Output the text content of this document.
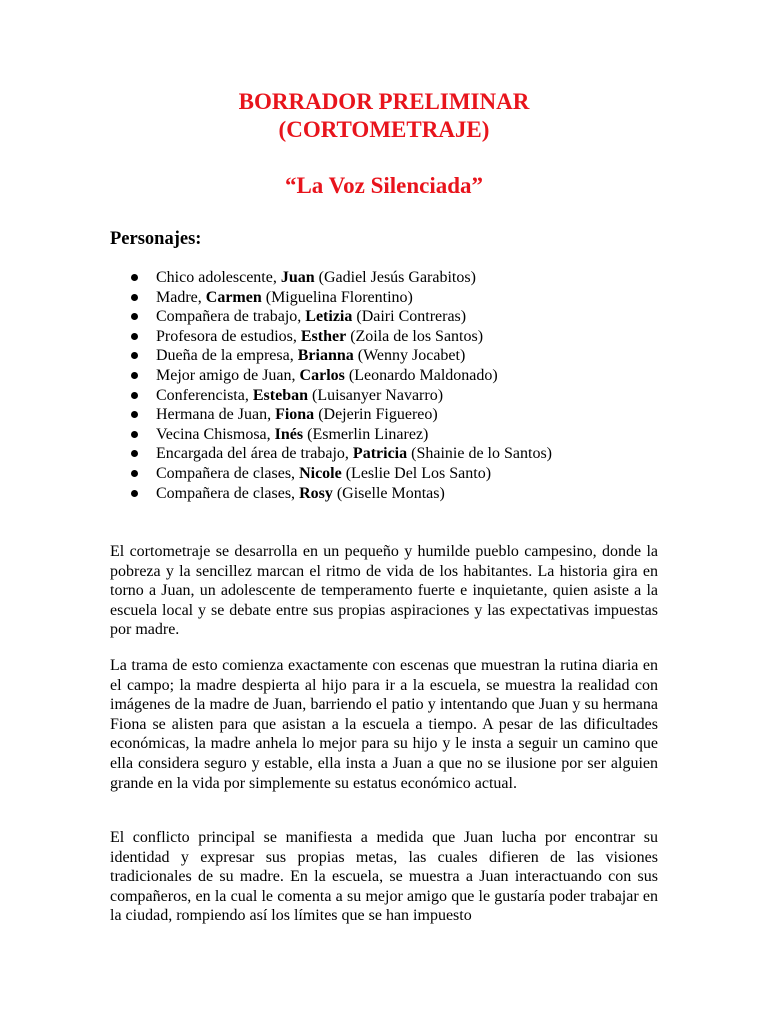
BORRADOR PRELIMINAR
(CORTOMETRAJE)
“La Voz Silenciada”
Personajes:
Chico adolescente, Juan (Gadiel Jesús Garabitos)
Madre, Carmen (Miguelina Florentino)
Compañera de trabajo, Letizia (Dairi Contreras)
Profesora de estudios, Esther (Zoila de los Santos)
Dueña de la empresa, Brianna (Wenny Jocabet)
Mejor amigo de Juan, Carlos (Leonardo Maldonado)
Conferencista, Esteban (Luisanyer Navarro)
Hermana de Juan, Fiona (Dejerin Figuereo)
Vecina Chismosa, Inés (Esmerlin Linarez)
Encargada del área de trabajo, Patricia (Shainie de lo Santos)
Compañera de clases, Nicole (Leslie Del Los Santo)
Compañera de clases, Rosy (Giselle Montas)

El cortometraje se desarrolla en un pequeño y humilde pueblo campesino, donde la pobreza y la sencillez marcan el ritmo de vida de los habitantes. La historia gira en torno a Juan, un adolescente de temperamento fuerte e inquietante, quien asiste a la escuela local y se debate entre sus propias aspiraciones y las expectativas impuestas por madre.

La trama de esto comienza exactamente con escenas que muestran la rutina diaria en el campo; la madre despierta al hijo para ir a la escuela, se muestra la realidad con imágenes de la madre de Juan, barriendo el patio y intentando que Juan y su hermana Fiona se alisten para que asistan a la escuela a tiempo. A pesar de las dificultades económicas, la madre anhela lo mejor para su hijo y le insta a seguir un camino que ella considera seguro y estable, ella insta a Juan a que no se ilusione por ser alguien grande en la vida por simplemente su estatus económico actual.

El conflicto principal se manifiesta a medida que Juan lucha por encontrar su identidad y expresar sus propias metas, las cuales difieren de las visiones tradicionales de su madre. En la escuela, se muestra a Juan interactuando con sus compañeros, en la cual le comenta a su mejor amigo que le gustaría poder trabajar en la ciudad, rompiendo así los límites que se han impuesto
